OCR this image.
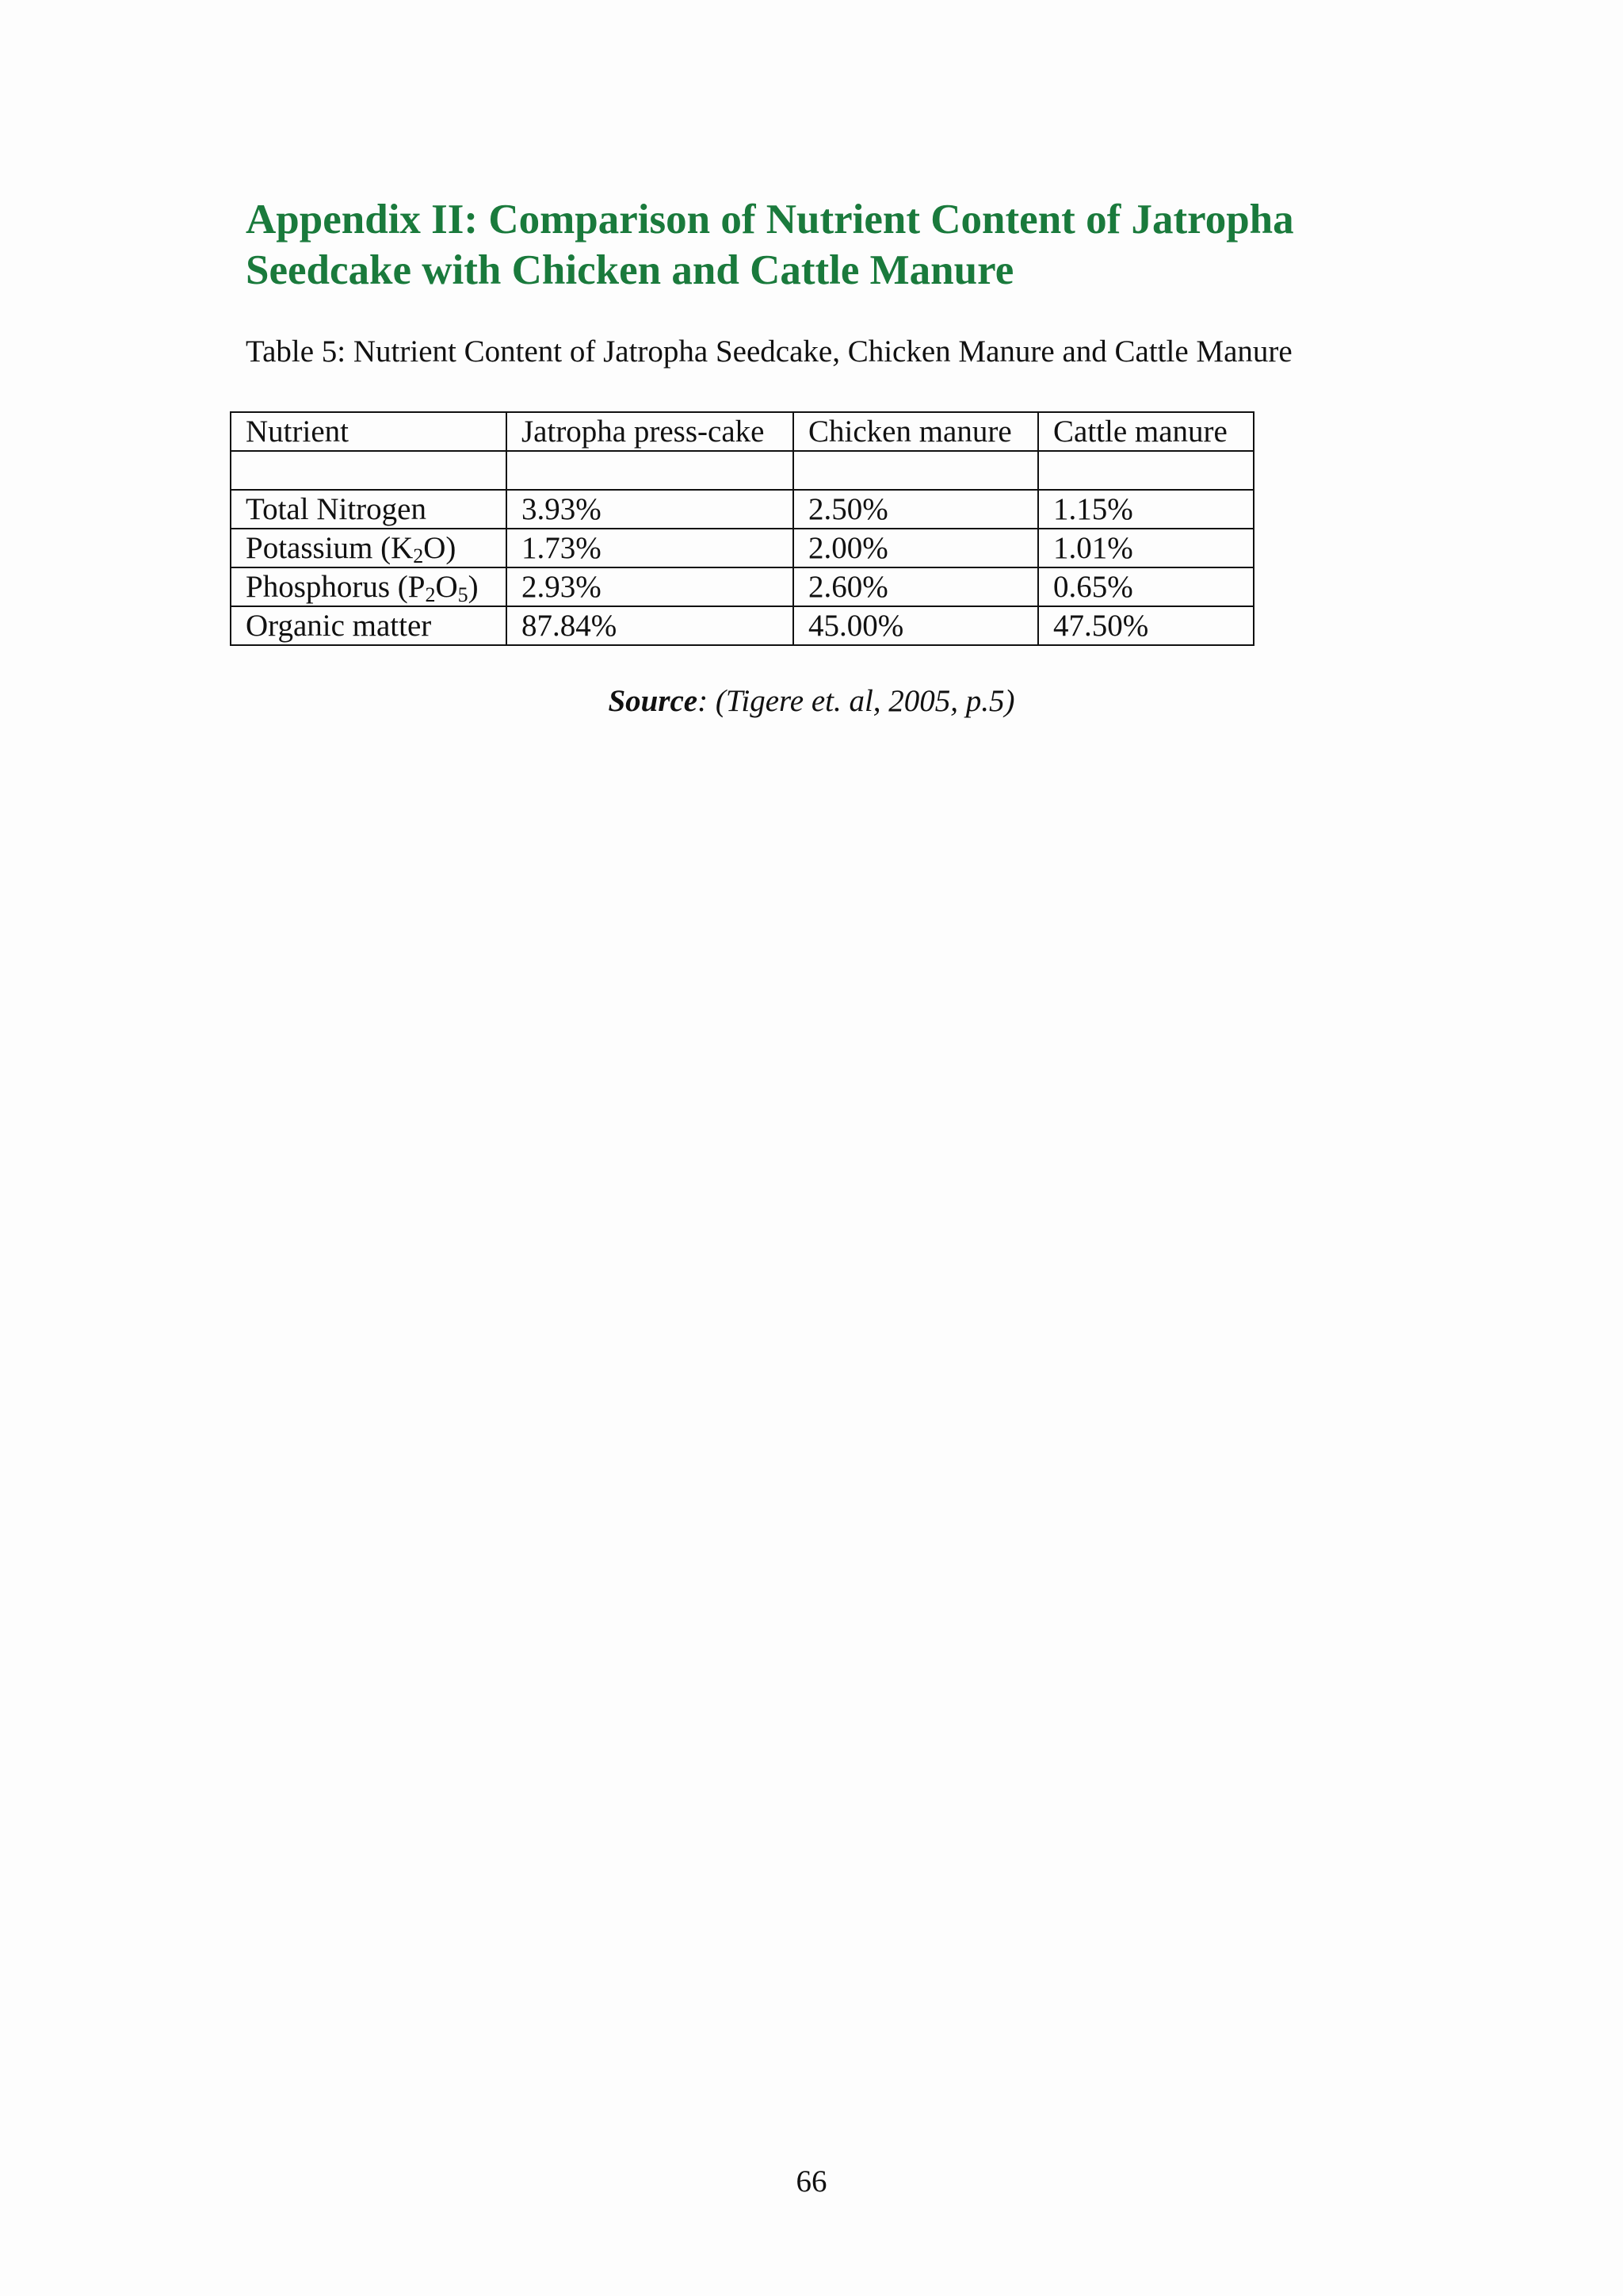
Appendix II: Comparison of Nutrient Content of Jatropha
Seedcake with Chicken and Cattle Manure
Table 5: Nutrient Content of Jatropha Seedcake, Chicken Manure and Cattle Manure
Nutrient	Jatropha press-cake	Chicken manure	Cattle manure

Total Nitrogen	3.93%	2.50%	1.15%
Potassium $(K_2O)$	1.73%	2.00%	1.01%
Phosphorus $(P_2O_5)$	2.93%	2.60%	0.65%
Organic matter	87.84%	45.00%	47.50%
Source: (Tigere et. al, 2005, p.5)
66
